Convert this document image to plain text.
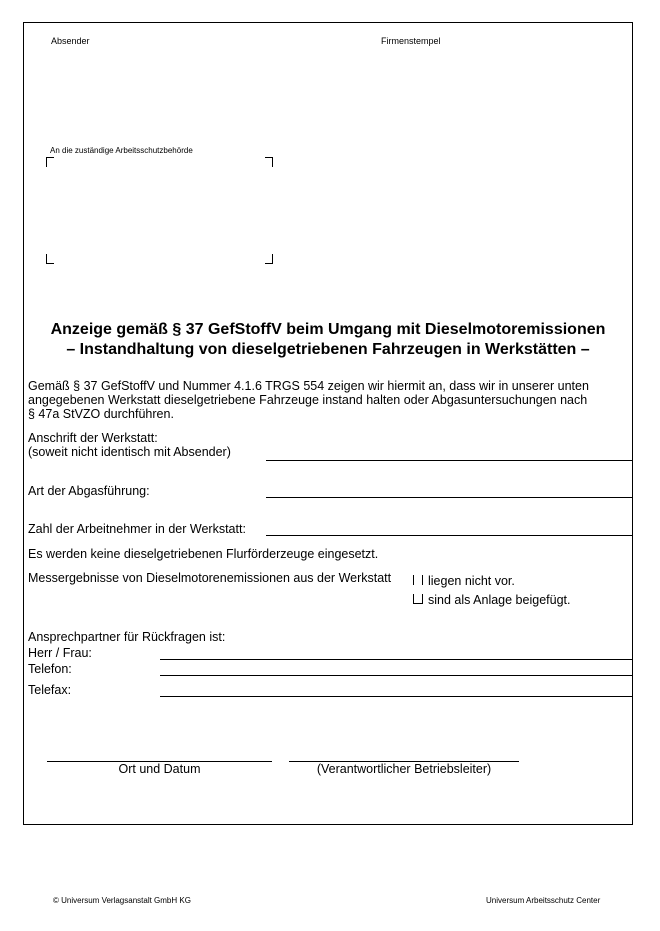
Absender	Firmenstempel
An die zuständige Arbeitsschutzbehörde
Anzeige gemäß § 37 GefStoffV beim Umgang mit Dieselmotoremissionen
– Instandhaltung von dieselgetriebenen Fahrzeugen in Werkstätten –
Gemäß § 37 GefStoffV und Nummer 4.1.6 TRGS 554 zeigen wir hiermit an, dass wir in unserer unten
angegebenen Werkstatt dieselgetriebene Fahrzeuge instand halten oder Abgasuntersuchungen nach
§ 47a StVZO durchführen.
Anschrift der Werkstatt:
(soweit nicht identisch mit Absender)
Art der Abgasführung:
Zahl der Arbeitnehmer in der Werkstatt:
Es werden keine dieselgetriebenen Flurförderzeuge eingesetzt.
Messergebnisse von Dieselmotorenemissionen aus der Werkstatt	liegen nicht vor.
sind als Anlage beigefügt.
Ansprechpartner für Rückfragen ist:
Herr / Frau:
Telefon:
Telefax:
Ort und Datum	(Verantwortlicher Betriebsleiter)
© Universum Verlagsanstalt GmbH KG	Universum Arbeitsschutz Center
